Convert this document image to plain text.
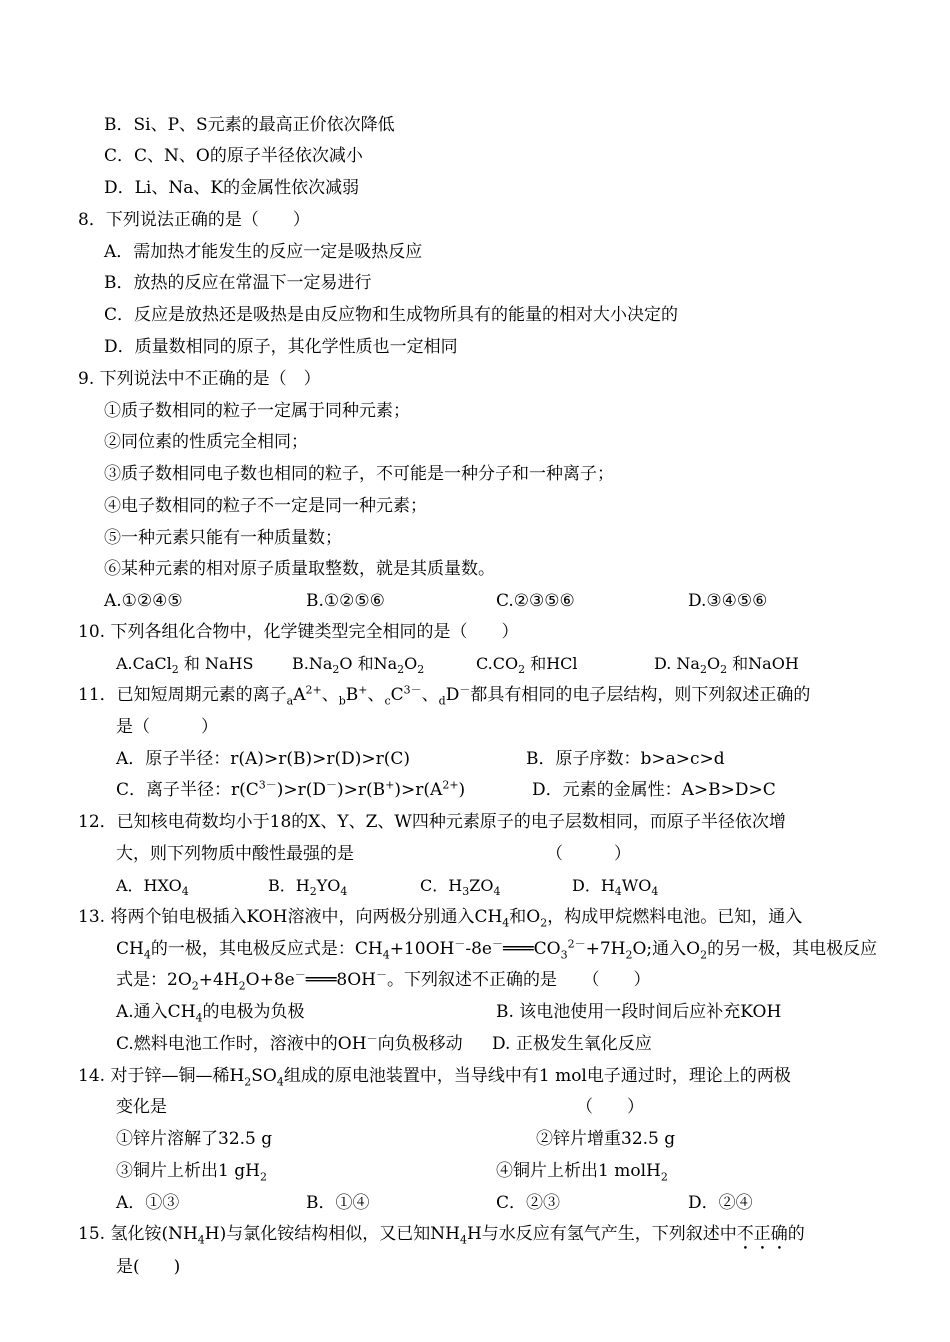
B．Si、P、S元素的最高正价依次降低
C．C、N、O的原子半径依次减小
D．Li、Na、K的金属性依次减弱
8．下列说法正确的是（　　）
A．需加热才能发生的反应一定是吸热反应
B．放热的反应在常温下一定易进行
C．反应是放热还是吸热是由反应物和生成物所具有的能量的相对大小决定的
D．质量数相同的原子，其化学性质也一定相同
9. 下列说法中不正确的是（　）
①质子数相同的粒子一定属于同种元素；
②同位素的性质完全相同；
③质子数相同电子数也相同的粒子，不可能是一种分子和一种离子；
④电子数相同的粒子不一定是同一种元素；
⑤一种元素只能有一种质量数；
⑥某种元素的相对原子质量取整数，就是其质量数。
A.①②④⑤	B.①②⑤⑥	C.②③⑤⑥	D.③④⑤⑥
10. 下列各组化合物中，化学键类型完全相同的是（　　）
A.CaCl$_2$ 和 NaHS $B.Na_2O$ 和$Na_2O_2$	$C.CO_2$ 和HCl	D. $Na_2O_2$ 和NaOH
11．已知短周期元素的离子$_aA^{2+}$、$_b$B+、$_cC^{3-}$、$_d$D－都具有相同的电子层结构，则下列叙述正确的
是（　　　）
A．原子半径：r(A)>r(B)>r(D)>r(C)	B．原子序数：b>a>c>d
C．离子半径：$r(C^{3-})>r(D^-)>r(B^+)>r(A^{2+})$	D．元素的金属性：A>B>D>C
12．已知核电荷数均小于18的X、Y、Z、W四种元素原子的电子层数相同，而原子半径依次增
大，则下列物质中酸性最强的是	（　　　）
A．$HXO_4$	B．$H_2YO_4$	C．$H_3ZO_4$	D．$H_4WO_4$
13. 将两个铂电极插入KOH溶液中，向两极分别通入$CH_4$和$O_2$，构成甲烷燃料电池。已知，通入
$CH_4$的一极，其电极反应式是：$CH_4+10OH^--8e^-═══CO_3^{2-}+7H_2O$;通入$O_2$的另一极，其电极反应
式是：$2O_2+4H_2O+8e^-═══8OH^-$。下列叙述不正确的是　　（　　）
A.通入$CH_4$的电极为负极	B. 该电池使用一段时间后应补充KOH
C.燃料电池工作时，溶液中的OH－向负极移动 D. 正极发生氧化反应
14. 对于锌—铜—稀$H_2SO_4$组成的原电池装置中，当导线中有1 mol电子通过时，理论上的两极
变化是	（　　）
①锌片溶解了32.5 g	②锌片增重32.5 g
③铜片上析出1 $gH_2$	④铜片上析出1 molH$_2$
A．①③	B．①④	C．②③	D．②④
15. 氢化铵$(NH_4H)$与氯化铵结构相似，又已知$NH_4H$与水反应有氢气产生，下列叙述中不正确的
是(　　)
